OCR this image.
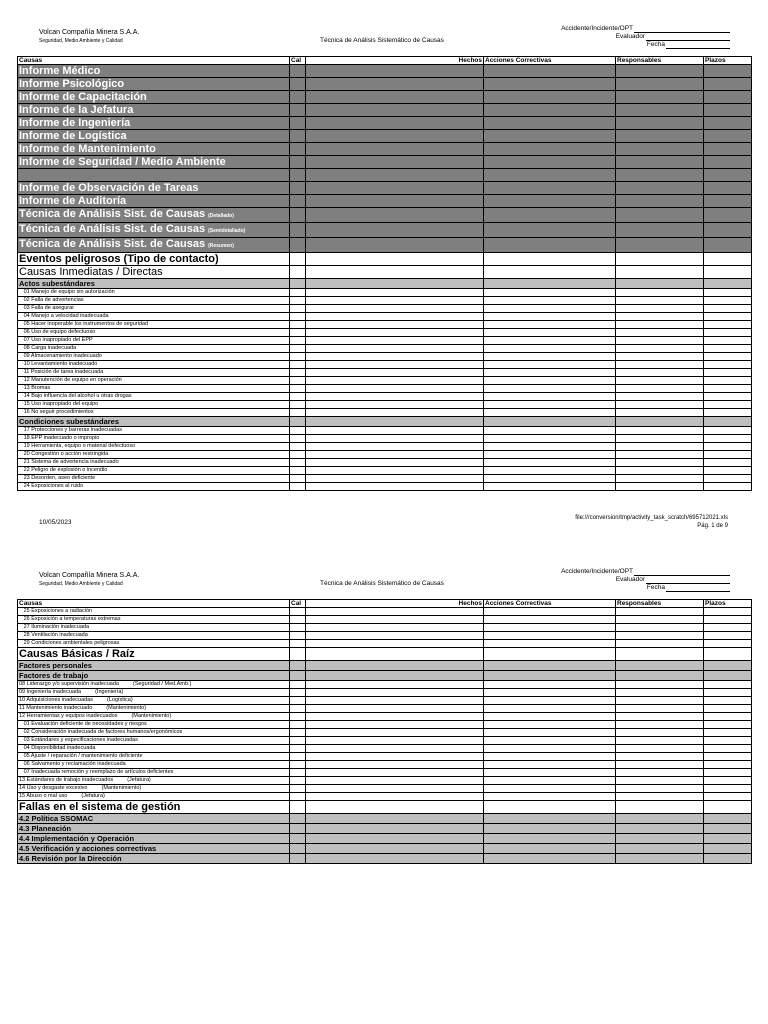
Volcan Compañía Minera S.A.A.
Seguridad, Medio Ambiente y Calidad	Técnica de Análisis Sistemático de Causas
Accidente/Incidente/OPT
Evaluador
Fecha
Causas	Cal	Hechos	Acciones Correctivas	Responsables	Plazos
Informe Médico					
Informe Psicológico					
Informe de Capacitación					
Informe de la Jefatura					
Informe de Ingeniería					
Informe de Logística					
Informe de Mantenimiento					
Informe de Seguridad / Medio Ambiente					

Informe de Observación de Tareas					
Informe de Auditoría					
Técnica de Análisis Sist. de Causas (Detallado)					
Técnica de Análisis Sist. de Causas (Semidetallado)					
Técnica de Análisis Sist. de Causas (Resumen)					
Eventos peligrosos (Tipo de contacto)					
Causas Inmediatas / Directas					
Actos subestándares					
01 Manejo de equipo sin autorización					
02 Falla de advertencias					
03 Falla de asegurar					
04 Manejo a velocidad inadecuada					
05 Hacer inoperable los instrumentos de seguridad					
06 Uso de equipo defectuoso					
07 Uso inapropiado del EPP					
08 Carga inadecuada					
09 Almacenamiento inadecuado					
10 Levantamiento inadecuado					
11 Posición de tarea inadecuada					
12 Manutención de equipo en operación					
13 Bromas					
14 Bajo influencia del alcohol u otras drogas					
15 Uso inapropiado del equipo					
16 No seguir procedimientos					
Condiciones subestándares					
17 Protecciones y barreras inadecuadas					
18 EPP inadecuado o impropio					
19 Herramienta, equipo o material defectuoso					
20 Congestión o acción restringida					
21 Sistema de advertencia inadecuado					
22 Peligro de explosión o incendio					
23 Desorden, aseo deficiente					
24 Exposiciones al ruido					
10/05/2023
file:///conversion/tmp/activity_task_scratch/695712021.xls
Pág. 1 de 9
Volcan Compañía Minera S.A.A.
Seguridad, Medio Ambiente y Calidad	Técnica de Análisis Sistemático de Causas
Accidente/Incidente/OPT
Evaluador
Fecha
Causas	Cal	Hechos	Acciones Correctivas	Responsables	Plazos
25 Exposiciones a radiación					
26 Exposición a temperaturas extremas					
27 Iluminación inadecuada					
28 Ventilación inadecuada					
29 Condiciones ambientales peligrosas					
Causas Básicas / Raíz					
Factores personales					
Factores de trabajo					
08 Liderazgo y/o supervisión inadecuada (Seguridad / Med.Amb.)					
09 Ingeniería inadecuada (Ingeniería)					
10 Adquisiciones inadecuadas (Logística)					
11 Mantenimiento inadecuado (Mantenimiento)					
12 Herramientas y equipos inadecuados (Mantenimiento)					
01 Evaluación deficiente de necesidades y riesgos					
02 Consideración inadecuada de factores humanos/ergonómicos					
03 Estándares y especificaciones inadecuadas					
04 Disponibilidad inadecuada					
05 Ajuste / reparación / mantenimiento deficiente					
06 Salvamento y reclamación inadecuada					
07 Inadecuada remoción y reemplazo de artículos deficientes					
13 Estándares de trabajo inadecuados (Jefatura)					
14 Uso y desgaste excesivo (Mantenimiento)					
15 Abuso o mal uso (Jefatura)					
Fallas en el sistema de gestión					
4.2 Política SSOMAC					
4.3 Planeación					
4.4 Implementación y Operación					
4.5 Verificación y acciones correctivas					
4.6 Revisión por la Dirección					
